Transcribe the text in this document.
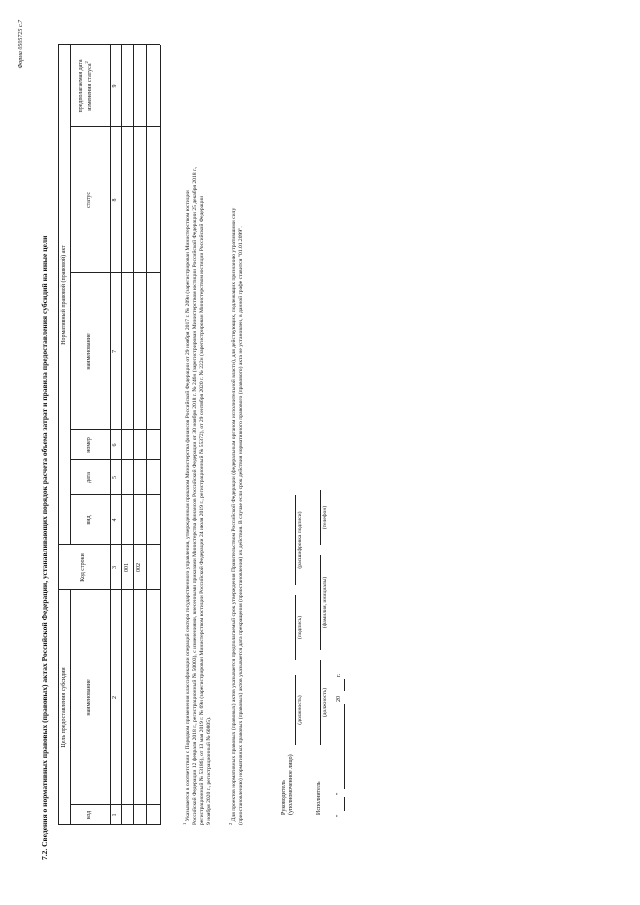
Форма 0505725 с.7
7.2. Сведения о нормативных правовых (правовых) актах Российской Федерации, устанавливающих порядок расчета объема затрат и правила предоставления субсидий на иные цели Цель предоставления субсидии
Нормативный правовой (правовой) акт
код
наименование
Код строки
вид
дата
номер
наименование
статус
предполагаемая дата изменения статуса$^2$
1
2
3
4
5
6
7
8
9
001 002
$^1$ Указывается в соответствии с Порядком применения классификации операций сектора государственного управления, утвержденным приказом Министерства финансов Российской Федерации от 29 ноября 2017 г. № 209н (зарегистрирован Министерством юстиции Российской Федерации 12 февраля 2018 г., регистрационный № 50003), с изменениями, внесенными приказами Министерства финансов Российской Федерации от 30 ноября 2018 г. № 246н (зарегистрирован Министерством юстиции Российской Федерации 25 декабря 2018 г., регистрационный № 53186), от 13 мая 2019 г. № 69н (зарегистрирован Министерством юстиции Российской Федерации 24 июля 2019 г., регистрационный № 55372), от 29 сентября 2020 г. № 222н (зарегистрирован Министерством юстиции Российской Федерации 9 ноября 2020 г., регистрационный № 60805).	$^2$ Для проектов нормативных правовых (правовых) актов указывается предполагаемый срок утверждения Правительством Российской Федерации (федеральным органом исполнительной власти), для действующих, подлежащих признанию утратившими силу (приостановлению) нормативных правовых (правовых) актов указывается дата прекращения (приостановления) их действия. В случае если срок действия нормативного правового (правового) акта не установлен, в данной графе ставится "01.01.2099".	Руководитель (уполномоченное лицо)
(должность)
(подпись)
(расшифровка подписи)
Исполнитель
(должность)
(фамилия, инициалы)
(телефон)
"
"
20
г.
